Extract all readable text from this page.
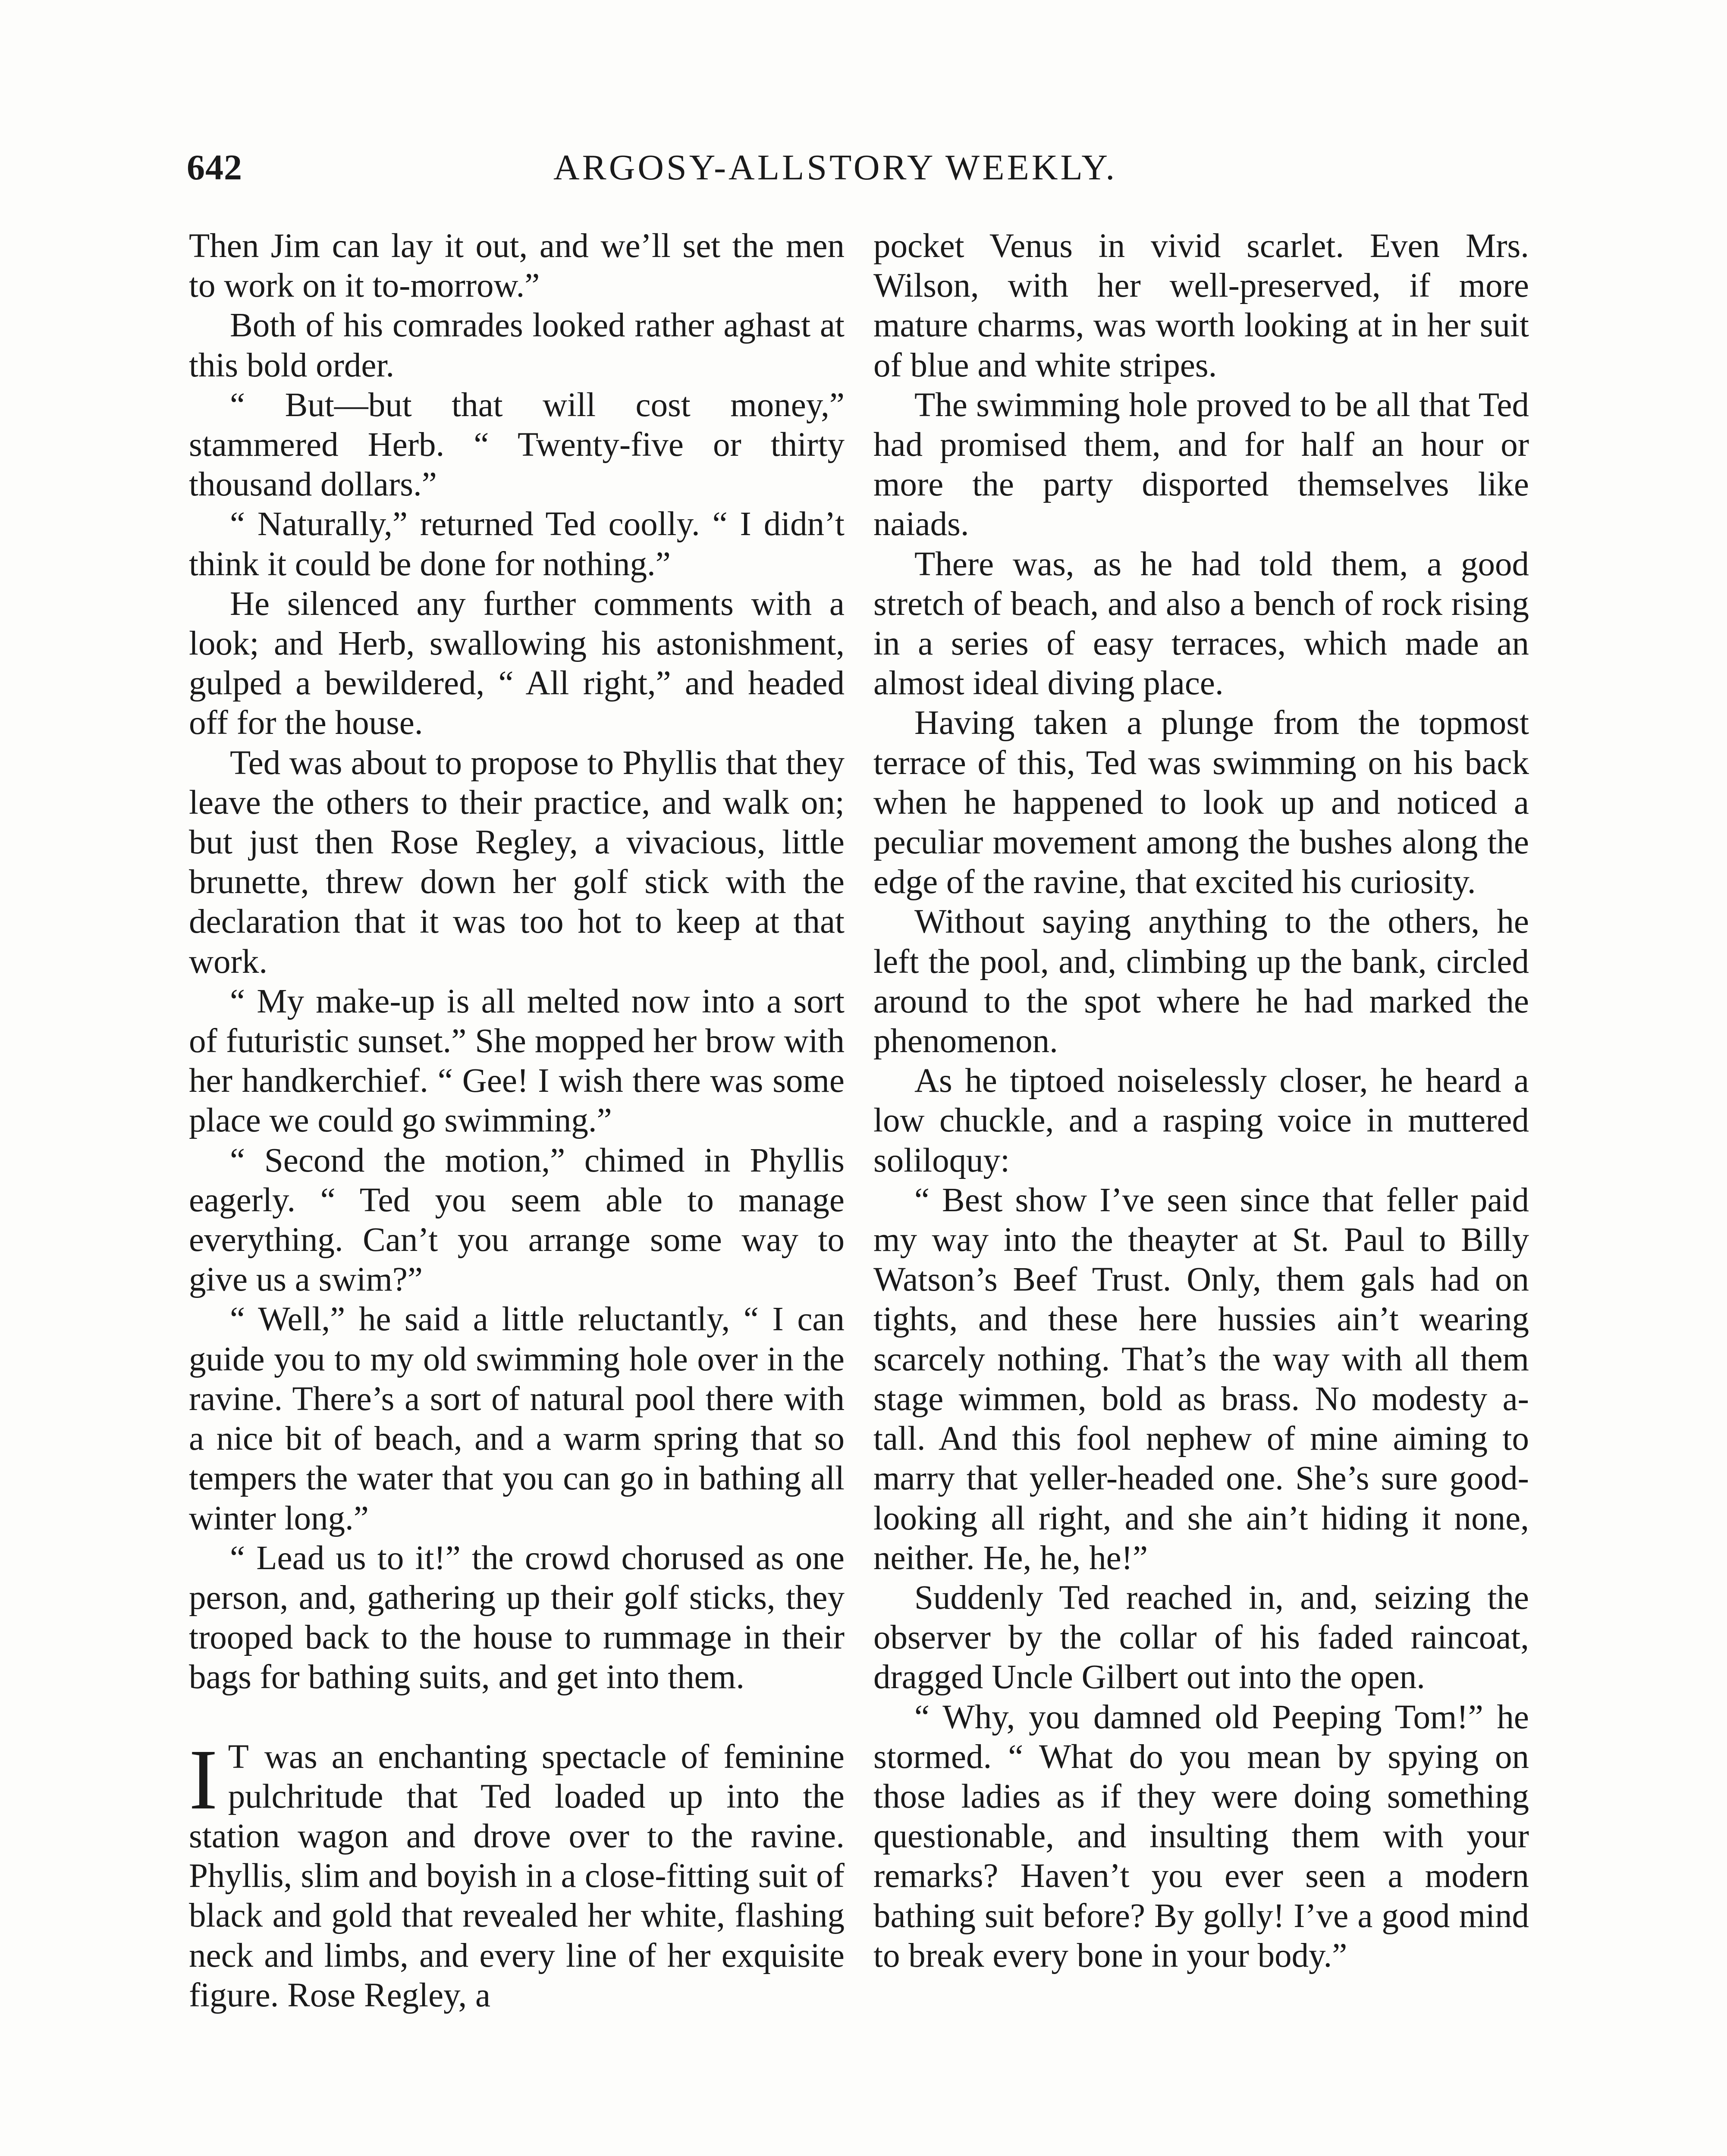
642	ARGOSY-ALLSTORY WEEKLY.

Then Jim can lay it out, and we’ll set the men to work on it to-morrow.”

Both of his comrades looked rather aghast at this bold order.

“ But—but that will cost money,” stammered Herb. “ Twenty-five or thirty thousand dollars.”

“ Naturally,” returned Ted coolly. “ I didn’t think it could be done for nothing.”

He silenced any further comments with a look; and Herb, swallowing his astonishment, gulped a bewildered, “ All right,” and headed off for the house.

Ted was about to propose to Phyllis that they leave the others to their practice, and walk on; but just then Rose Regley, a vivacious, little brunette, threw down her golf stick with the declaration that it was too hot to keep at that work.

“ My make-up is all melted now into a sort of futuristic sunset.” She mopped her brow with her handkerchief. “ Gee! I wish there was some place we could go swimming.”

“ Second the motion,” chimed in Phyllis eagerly. “ Ted you seem able to manage everything. Can’t you arrange some way to give us a swim?”

“ Well,” he said a little reluctantly, “ I can guide you to my old swimming hole over in the ravine. There’s a sort of natural pool there with a nice bit of beach, and a warm spring that so tempers the water that you can go in bathing all winter long.”

“ Lead us to it!” the crowd chorused as one person, and, gathering up their golf sticks, they trooped back to the house to rummage in their bags for bathing suits, and get into them.

I T was an enchanting spectacle of feminine pulchritude that Ted loaded up into the station wagon and drove over to the ravine. Phyllis, slim and boyish in a close-fitting suit of black and gold that revealed her white, flashing neck and limbs, and every line of her exquisite figure. Rose Regley, a

pocket Venus in vivid scarlet. Even Mrs. Wilson, with her well-preserved, if more mature charms, was worth looking at in her suit of blue and white stripes.

The swimming hole proved to be all that Ted had promised them, and for half an hour or more the party disported themselves like naiads.

There was, as he had told them, a good stretch of beach, and also a bench of rock rising in a series of easy terraces, which made an almost ideal diving place.

Having taken a plunge from the topmost terrace of this, Ted was swimming on his back when he happened to look up and noticed a peculiar movement among the bushes along the edge of the ravine, that excited his curiosity.

Without saying anything to the others, he left the pool, and, climbing up the bank, circled around to the spot where he had marked the phenomenon.

As he tiptoed noiselessly closer, he heard a low chuckle, and a rasping voice in muttered soliloquy:

“ Best show I’ve seen since that feller paid my way into the theayter at St. Paul to Billy Watson’s Beef Trust. Only, them gals had on tights, and these here hussies ain’t wearing scarcely nothing. That’s the way with all them stage wimmen, bold as brass. No modesty a-tall. And this fool nephew of mine aiming to marry that yeller-headed one. She’s sure good-looking all right, and she ain’t hiding it none, neither. He, he, he!”

Suddenly Ted reached in, and, seizing the observer by the collar of his faded raincoat, dragged Uncle Gilbert out into the open.

“ Why, you damned old Peeping Tom!” he stormed. “ What do you mean by spying on those ladies as if they were doing something questionable, and insulting them with your remarks? Haven’t you ever seen a modern bathing suit before? By golly! I’ve a good mind to break every bone in your body.”
